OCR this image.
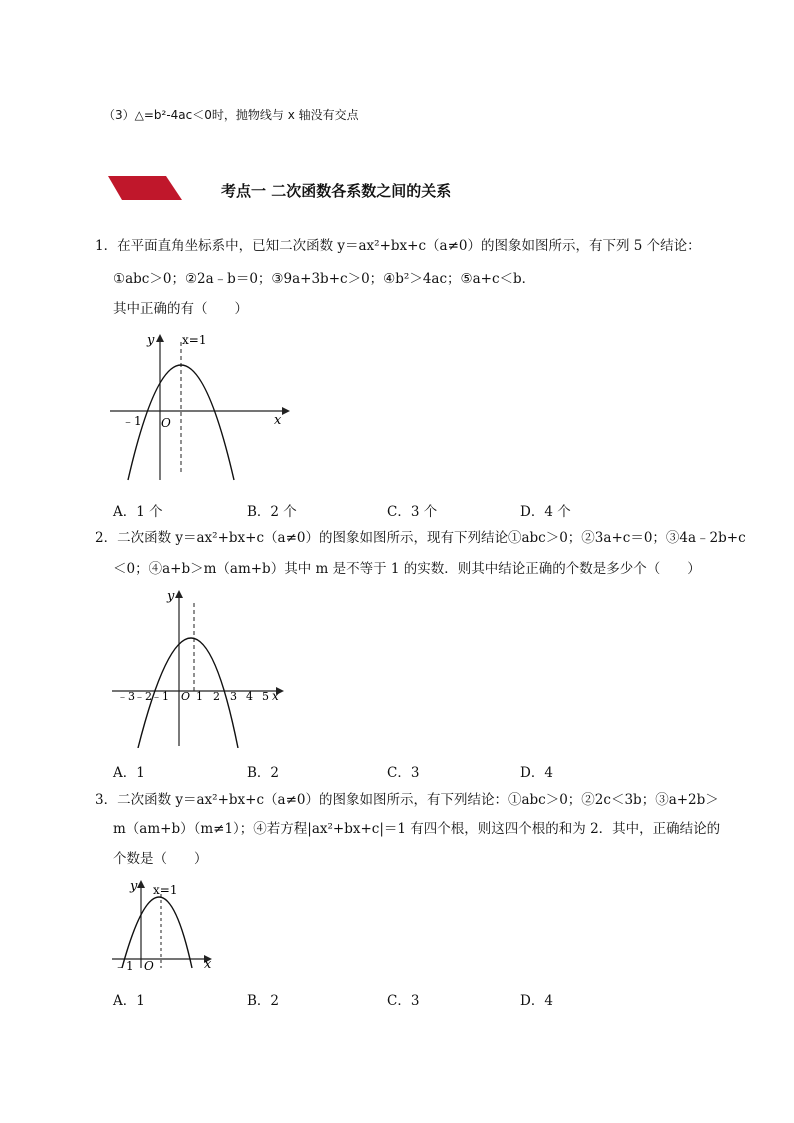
（3）△=b²-4ac＜0时，抛物线与 x 轴没有交点
考点一 二次函数各系数之间的关系
1．在平面直角坐标系中，已知二次函数 y＝ax²+bx+c（a≠0）的图象如图所示，有下列 5 个结论：
①abc＞0；②2a﹣b＝0；③9a+3b+c＞0；④b²＞4ac；⑤a+c＜b．
其中正确的有（　　）
y
x
x=1
﹣1 O
A．1 个	B．2 个	C．3 个	D．4 个
2．二次函数 y＝ax²+bx+c（a≠0）的图象如图所示，现有下列结论①abc＞0；②3a+c＝0；③4a﹣2b+c
＜0；④a+b＞m（am+b）其中 m 是不等于 1 的实数．则其中结论正确的个数是多少个（　　）
y
x
﹣3 ﹣2 ﹣1 O 1 2 3 4 5
A．1	B．2	C．3	D．4
3．二次函数 y＝ax²+bx+c（a≠0）的图象如图所示，有下列结论：①abc＞0；②2c＜3b；③a+2b＞
m（am+b）（m≠1）；④若方程|ax²+bx+c|＝1 有四个根，则这四个根的和为 2．其中，正确结论的
个数是（　　）
y
x
x=1
﹣1 O
A．1	B．2	C．3	D．4
